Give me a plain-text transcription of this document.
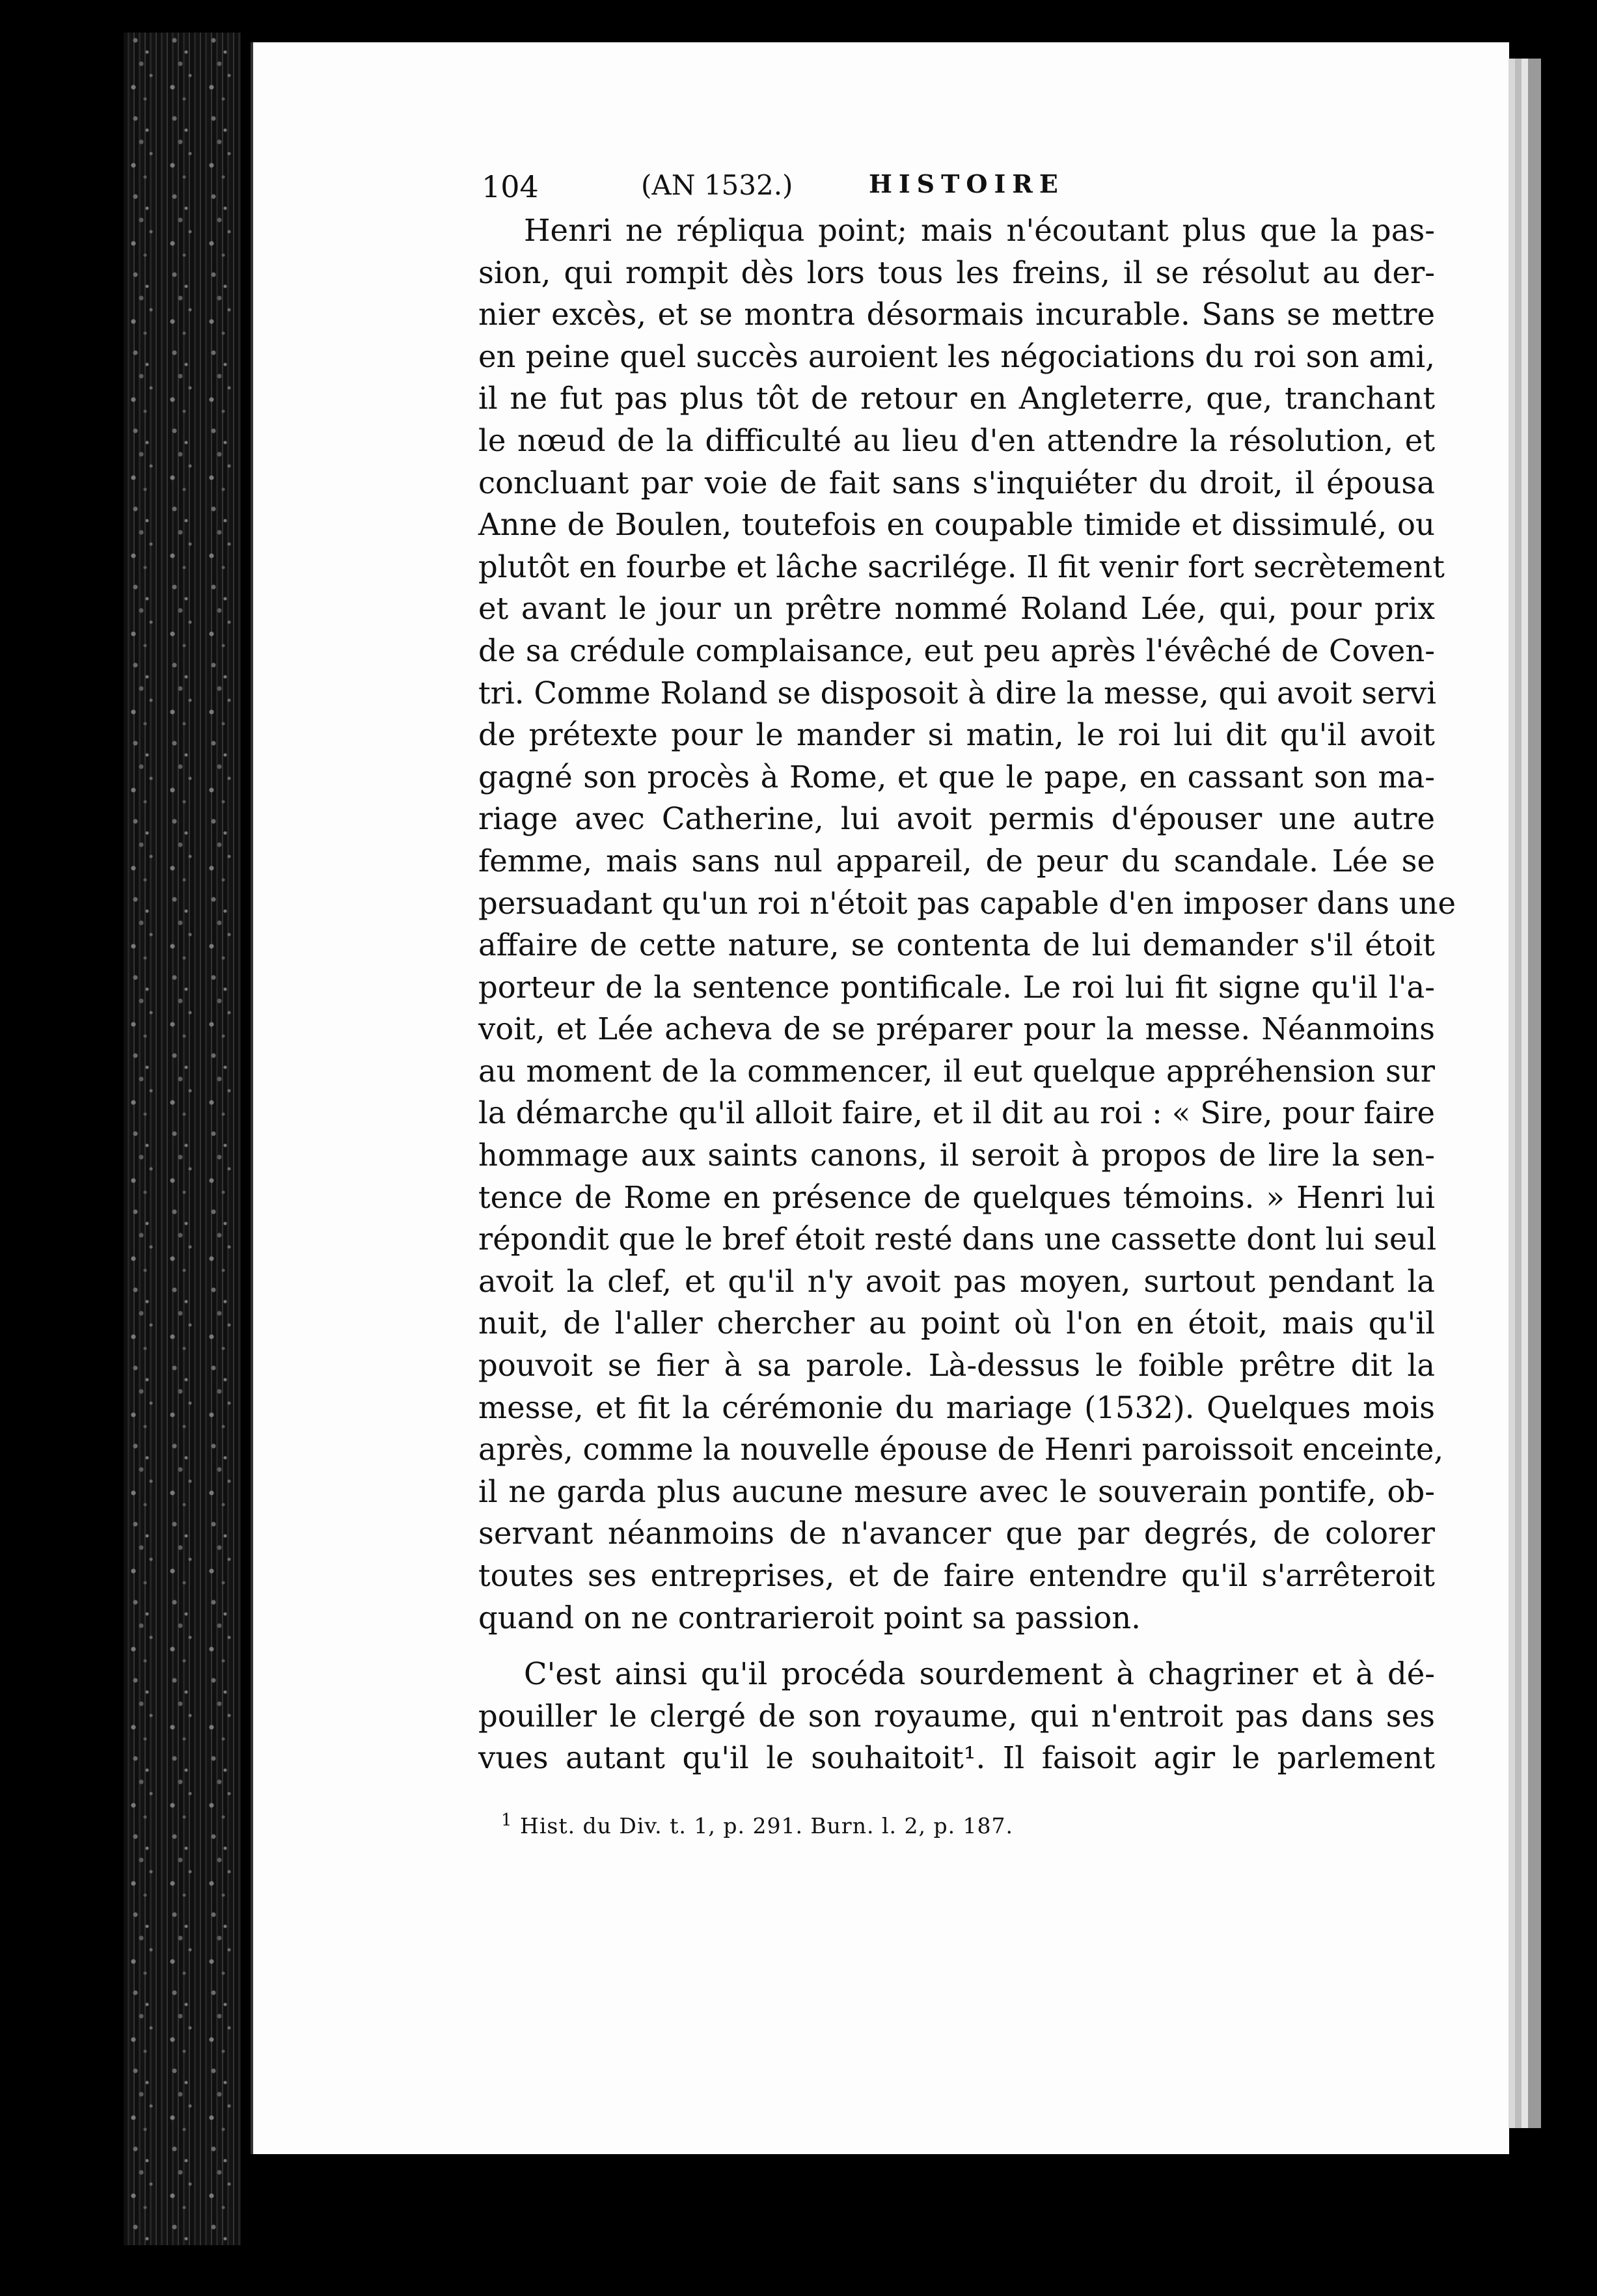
104	(AN 1532.)	HISTOIRE
Henri ne répliqua point; mais n'écoutant plus que la pas-
sion, qui rompit dès lors tous les freins, il se résolut au der-
nier excès, et se montra désormais incurable. Sans se mettre
en peine quel succès auroient les négociations du roi son ami,
il ne fut pas plus tôt de retour en Angleterre, que, tranchant
le nœud de la difficulté au lieu d'en attendre la résolution, et
concluant par voie de fait sans s'inquiéter du droit, il épousa
Anne de Boulen, toutefois en coupable timide et dissimulé, ou
plutôt en fourbe et lâche sacrilége. Il fit venir fort secrètement
et avant le jour un prêtre nommé Roland Lée, qui, pour prix
de sa crédule complaisance, eut peu après l'évêché de Coven-
tri. Comme Roland se disposoit à dire la messe, qui avoit servi
de prétexte pour le mander si matin, le roi lui dit qu'il avoit
gagné son procès à Rome, et que le pape, en cassant son ma-
riage avec Catherine, lui avoit permis d'épouser une autre
femme, mais sans nul appareil, de peur du scandale. Lée se
persuadant qu'un roi n'étoit pas capable d'en imposer dans une
affaire de cette nature, se contenta de lui demander s'il étoit
porteur de la sentence pontificale. Le roi lui fit signe qu'il l'a-
voit, et Lée acheva de se préparer pour la messe. Néanmoins
au moment de la commencer, il eut quelque appréhension sur
la démarche qu'il alloit faire, et il dit au roi : « Sire, pour faire
hommage aux saints canons, il seroit à propos de lire la sen-
tence de Rome en présence de quelques témoins. » Henri lui
répondit que le bref étoit resté dans une cassette dont lui seul
avoit la clef, et qu'il n'y avoit pas moyen, surtout pendant la
nuit, de l'aller chercher au point où l'on en étoit, mais qu'il
pouvoit se fier à sa parole. Là-dessus le foible prêtre dit la
messe, et fit la cérémonie du mariage (1532). Quelques mois
après, comme la nouvelle épouse de Henri paroissoit enceinte,
il ne garda plus aucune mesure avec le souverain pontife, ob-
servant néanmoins de n'avancer que par degrés, de colorer
toutes ses entreprises, et de faire entendre qu'il s'arrêteroit
quand on ne contrarieroit point sa passion.
C'est ainsi qu'il procéda sourdement à chagriner et à dé-
pouiller le clergé de son royaume, qui n'entroit pas dans ses
vues autant qu'il le souhaitoit¹. Il faisoit agir le parlement
$^1$ Hist. du Div. t. 1, p. 291. Burn. l. 2, p. 187.
